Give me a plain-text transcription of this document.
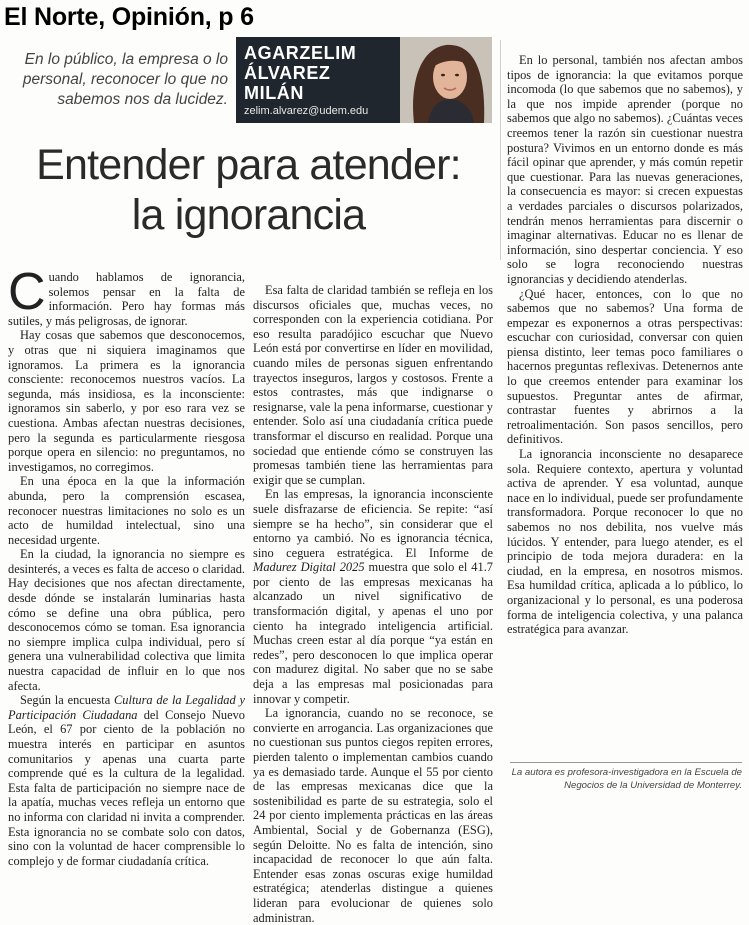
El Norte, Opinión, p 6
En lo público, la empresa o lo personal, reconocer lo que no sabemos nos da lucidez.
AGARZELIM
ÁLVAREZ
MILÁN
zelim.alvarez@udem.edu
Entender para atender:
la ignorancia

Cuando hablamos de ignorancia, solemos pensar en la falta de información. Pero hay formas más sutiles, y más peligrosas, de ignorar.

Hay cosas que sabemos que desconocemos, y otras que ni siquiera imaginamos que ignoramos. La primera es la ignorancia consciente: reconocemos nuestros vacíos. La segunda, más insidiosa, es la inconsciente: ignoramos sin saberlo, y por eso rara vez se cuestiona. Ambas afectan nuestras decisiones, pero la segunda es particularmente riesgosa porque opera en silencio: no preguntamos, no investigamos, no corregimos.

En una época en la que la información abunda, pero la comprensión escasea, reconocer nuestras limitaciones no solo es un acto de humildad intelectual, sino una necesidad urgente.

En la ciudad, la ignorancia no siempre es desinterés, a veces es falta de acceso o claridad. Hay decisiones que nos afectan directamente, desde dónde se instalarán luminarias hasta cómo se define una obra pública, pero desconocemos cómo se toman. Esa ignorancia no siempre implica culpa individual, pero sí genera una vulnerabilidad colectiva que limita nuestra capacidad de influir en lo que nos afecta.

Según la encuesta Cultura de la Legalidad y Participación Ciudadana del Consejo Nuevo León, el 67 por ciento de la población no muestra interés en participar en asuntos comunitarios y apenas una cuarta parte comprende qué es la cultura de la legalidad. Esta falta de participación no siempre nace de la apatía, muchas veces refleja un entorno que no informa con claridad ni invita a comprender. Esta ignorancia no se combate solo con datos, sino con la voluntad de hacer comprensible lo complejo y de formar ciudadanía crítica.

Esa falta de claridad también se refleja en los discursos oficiales que, muchas veces, no corresponden con la experiencia cotidiana. Por eso resulta paradójico escuchar que Nuevo León está por convertirse en líder en movilidad, cuando miles de personas siguen enfrentando trayectos inseguros, largos y costosos. Frente a estos contrastes, más que indignarse o resignarse, vale la pena informarse, cuestionar y entender. Solo así una ciudadanía crítica puede transformar el discurso en realidad. Porque una sociedad que entiende cómo se construyen las promesas también tiene las herramientas para exigir que se cumplan.

En las empresas, la ignorancia inconsciente suele disfrazarse de eficiencia. Se repite: “así siempre se ha hecho”, sin considerar que el entorno ya cambió. No es ignorancia técnica, sino ceguera estratégica. El Informe de Madurez Digital 2025 muestra que solo el 41.7 por ciento de las empresas mexicanas ha alcanzado un nivel significativo de transformación digital, y apenas el uno por ciento ha integrado inteligencia artificial. Muchas creen estar al día porque “ya están en redes”, pero desconocen lo que implica operar con madurez digital. No saber que no se sabe deja a las empresas mal posicionadas para innovar y competir.

La ignorancia, cuando no se reconoce, se convierte en arrogancia. Las organizaciones que no cuestionan sus puntos ciegos repiten errores, pierden talento o implementan cambios cuando ya es demasiado tarde. Aunque el 55 por ciento de las empresas mexicanas dice que la sostenibilidad es parte de su estrategia, solo el 24 por ciento implementa prácticas en las áreas Ambiental, Social y de Gobernanza (ESG), según Deloitte. No es falta de intención, sino incapacidad de reconocer lo que aún falta. Entender esas zonas oscuras exige humildad estratégica; atenderlas distingue a quienes lideran para evolucionar de quienes solo administran.

En lo personal, también nos afectan ambos tipos de ignorancia: la que evitamos porque incomoda (lo que sabemos que no sabemos), y la que nos impide aprender (porque no sabemos que algo no sabemos). ¿Cuántas veces creemos tener la razón sin cuestionar nuestra postura? Vivimos en un entorno donde es más fácil opinar que aprender, y más común repetir que cuestionar. Para las nuevas generaciones, la consecuencia es mayor: si crecen expuestas a verdades parciales o discursos polarizados, tendrán menos herramientas para discernir o imaginar alternativas. Educar no es llenar de información, sino despertar conciencia. Y eso solo se logra reconociendo nuestras ignorancias y decidiendo atenderlas.

¿Qué hacer, entonces, con lo que no sabemos que no sabemos? Una forma de empezar es exponernos a otras perspectivas: escuchar con curiosidad, conversar con quien piensa distinto, leer temas poco familiares o hacernos preguntas reflexivas. Detenernos ante lo que creemos entender para examinar los supuestos. Preguntar antes de afirmar, contrastar fuentes y abrirnos a la retroalimentación. Son pasos sencillos, pero definitivos.

La ignorancia inconsciente no desaparece sola. Requiere contexto, apertura y voluntad activa de aprender. Y esa voluntad, aunque nace en lo individual, puede ser profundamente transformadora. Porque reconocer lo que no sabemos no nos debilita, nos vuelve más lúcidos. Y entender, para luego atender, es el principio de toda mejora duradera: en la ciudad, en la empresa, en nosotros mismos. Esa humildad crítica, aplicada a lo público, lo organizacional y lo personal, es una poderosa forma de inteligencia colectiva, y una palanca estratégica para avanzar.

La autora es profesora-investigadora en la Escuela de Negocios de la Universidad de Monterrey.
